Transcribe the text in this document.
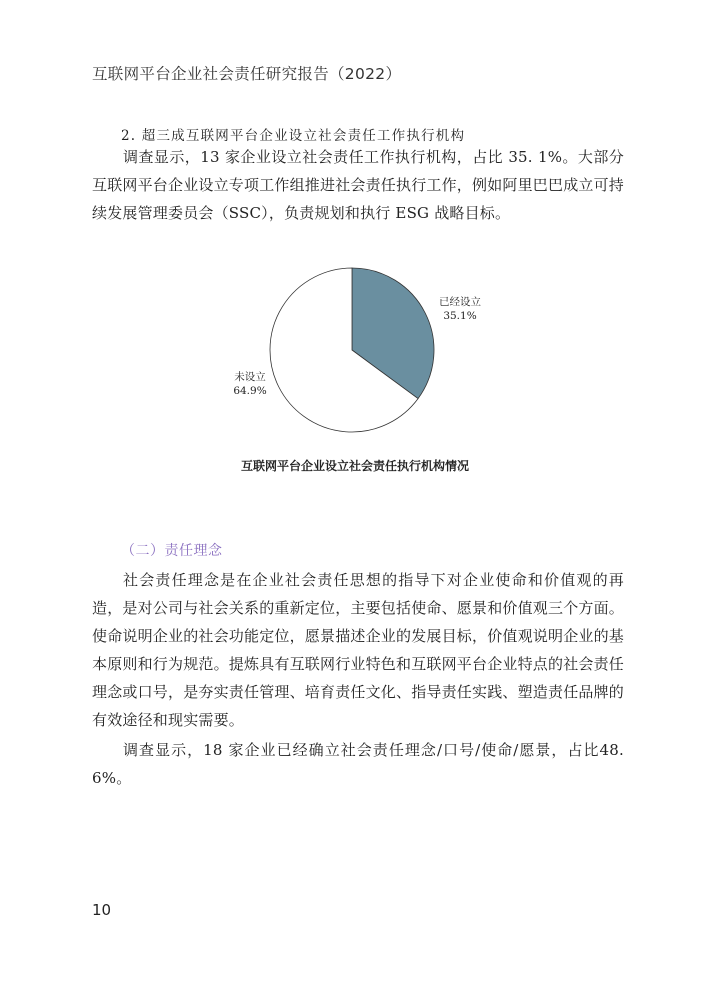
互联网平台企业社会责任研究报告（2022）
2. 超三成互联网平台企业设立社会责任工作执行机构

调查显示，13 家企业设立社会责任工作执行机构，占比 35. 1%。大部分互联网平台企业设立专项工作组推进社会责任执行工作，例如阿里巴巴成立可持续发展管理委员会（SSC），负责规划和执行 ESG 战略目标。

已经设立
35.1%
未设立
64.9%
互联网平台企业设立社会责任执行机构情况
（二）责任理念

社会责任理念是在企业社会责任思想的指导下对企业使命和价值观的再造，是对公司与社会关系的重新定位，主要包括使命、愿景和价值观三个方面。使命说明企业的社会功能定位，愿景描述企业的发展目标，价值观说明企业的基本原则和行为规范。提炼具有互联网行业特色和互联网平台企业特点的社会责任理念或口号，是夯实责任管理、培育责任文化、指导责任实践、塑造责任品牌的有效途径和现实需要。

调查显示，18 家企业已经确立社会责任理念/口号/使命/愿景，占比48. 6%。

10
